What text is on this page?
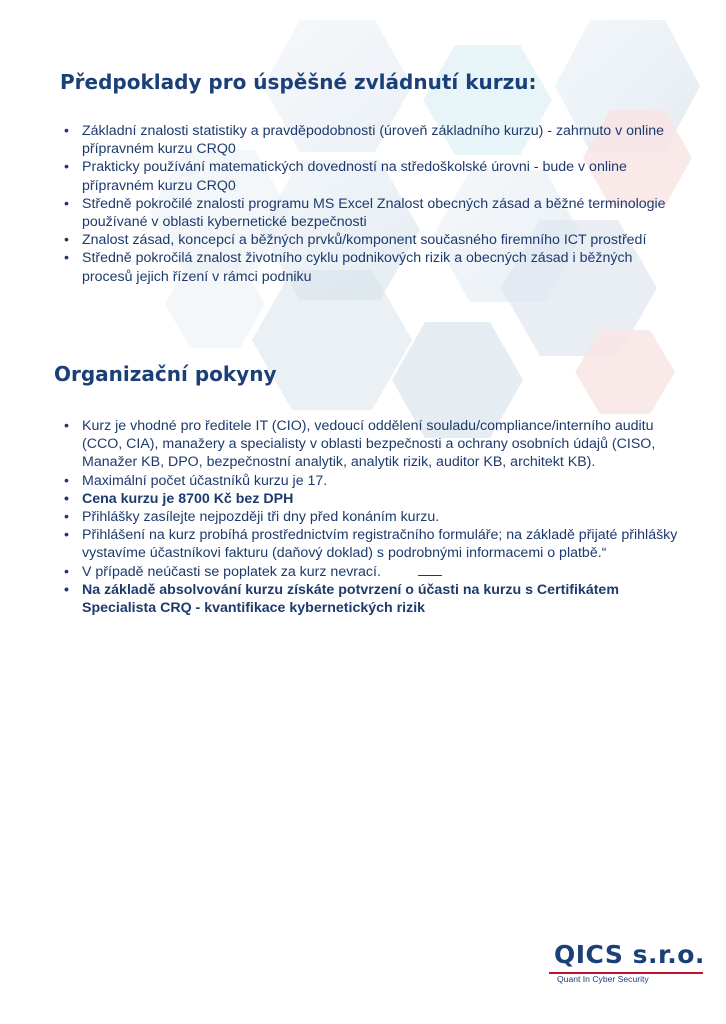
Předpoklady pro úspěšné zvládnutí kurzu:
• Základní znalosti statistiky a pravděpodobnosti (úroveň základního kurzu) - zahrnuto v online přípravném kurzu CRQ0
• Prakticky používání matematických dovedností na středoškolské úrovni - bude v online přípravném kurzu CRQ0
• Středně pokročilé znalosti programu MS Excel Znalost obecných zásad a běžné terminologie používané v oblasti kybernetické bezpečnosti
• Znalost zásad, koncepcí a běžných prvků/komponent současného firemního ICT prostředí
• Středně pokročilá znalost životního cyklu podnikových rizik a obecných zásad i běžných procesů jejich řízení v rámci podniku
Organizační pokyny
• Kurz je vhodné pro ředitele IT (CIO), vedoucí oddělení souladu/compliance/interního auditu (CCO, CIA), manažery a specialisty v oblasti bezpečnosti a ochrany osobních údajů (CISO, Manažer KB, DPO, bezpečnostní analytik, analytik rizik, auditor KB, architekt KB).
• Maximální počet účastníků kurzu je 17.
• Cena kurzu je 8700 Kč bez DPH
• Přihlášky zasílejte nejpozději tři dny před konáním kurzu.
• Přihlášení na kurz probíhá prostřednictvím registračního formuláře; na základě přijaté přihlášky vystavíme účastníkovi fakturu (daňový doklad) s podrobnými informacemi o platbě.“
• V případě neúčasti se poplatek za kurz nevrací.
• Na základě absolvování kurzu získáte potvrzení o účasti na kurzu s Certifikátem Specialista CRQ - kvantifikace kybernetických rizik
QICS s.r.o.
Quant In Cyber Security
